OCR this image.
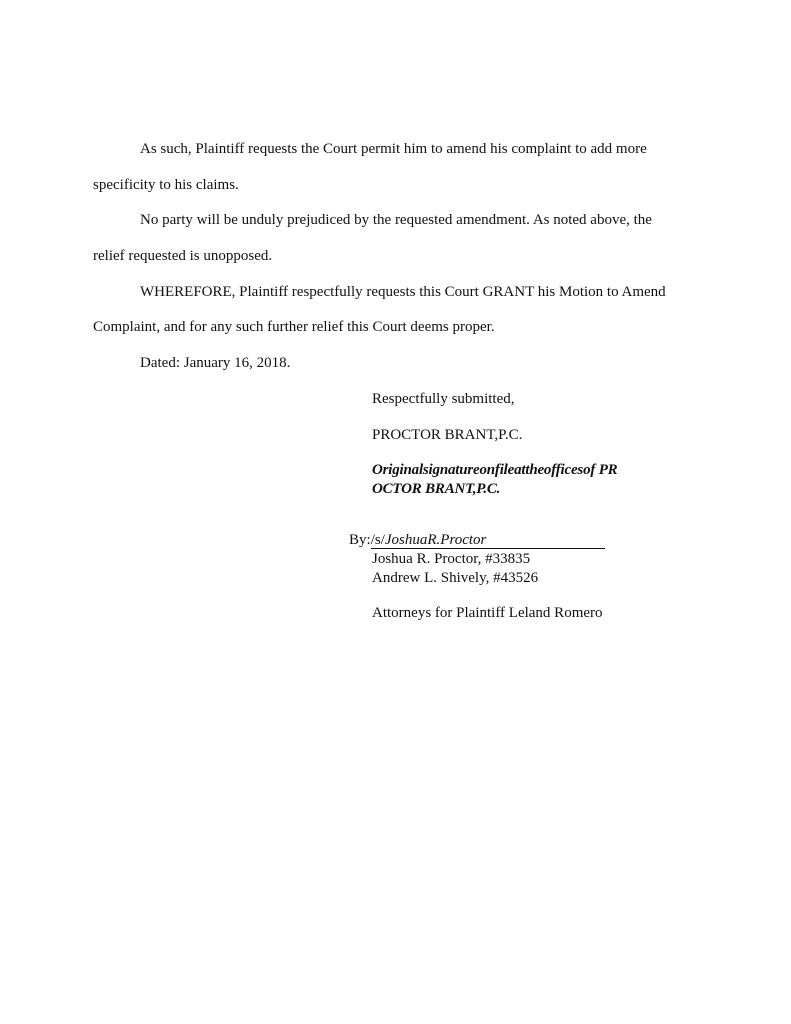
As such, Plaintiff requests the Court permit him to amend his complaint to add more
specificity to his claims.
No party will be unduly prejudiced by the requested amendment. As noted above, the
relief requested is unopposed.
WHEREFORE, Plaintiff respectfully requests this Court GRANT his Motion to Amend
Complaint, and for any such further relief this Court deems proper.
Dated: January 16, 2018.
Respectfully submitted,
PROCTOR BRANT,P.C.
Originalsignatureonfileattheofficesof PR
OCTOR BRANT,P.C.
By:/s/JoshuaR.Proctor
Joshua R. Proctor, #33835
Andrew L. Shively, #43526
Attorneys for Plaintiff Leland Romero
